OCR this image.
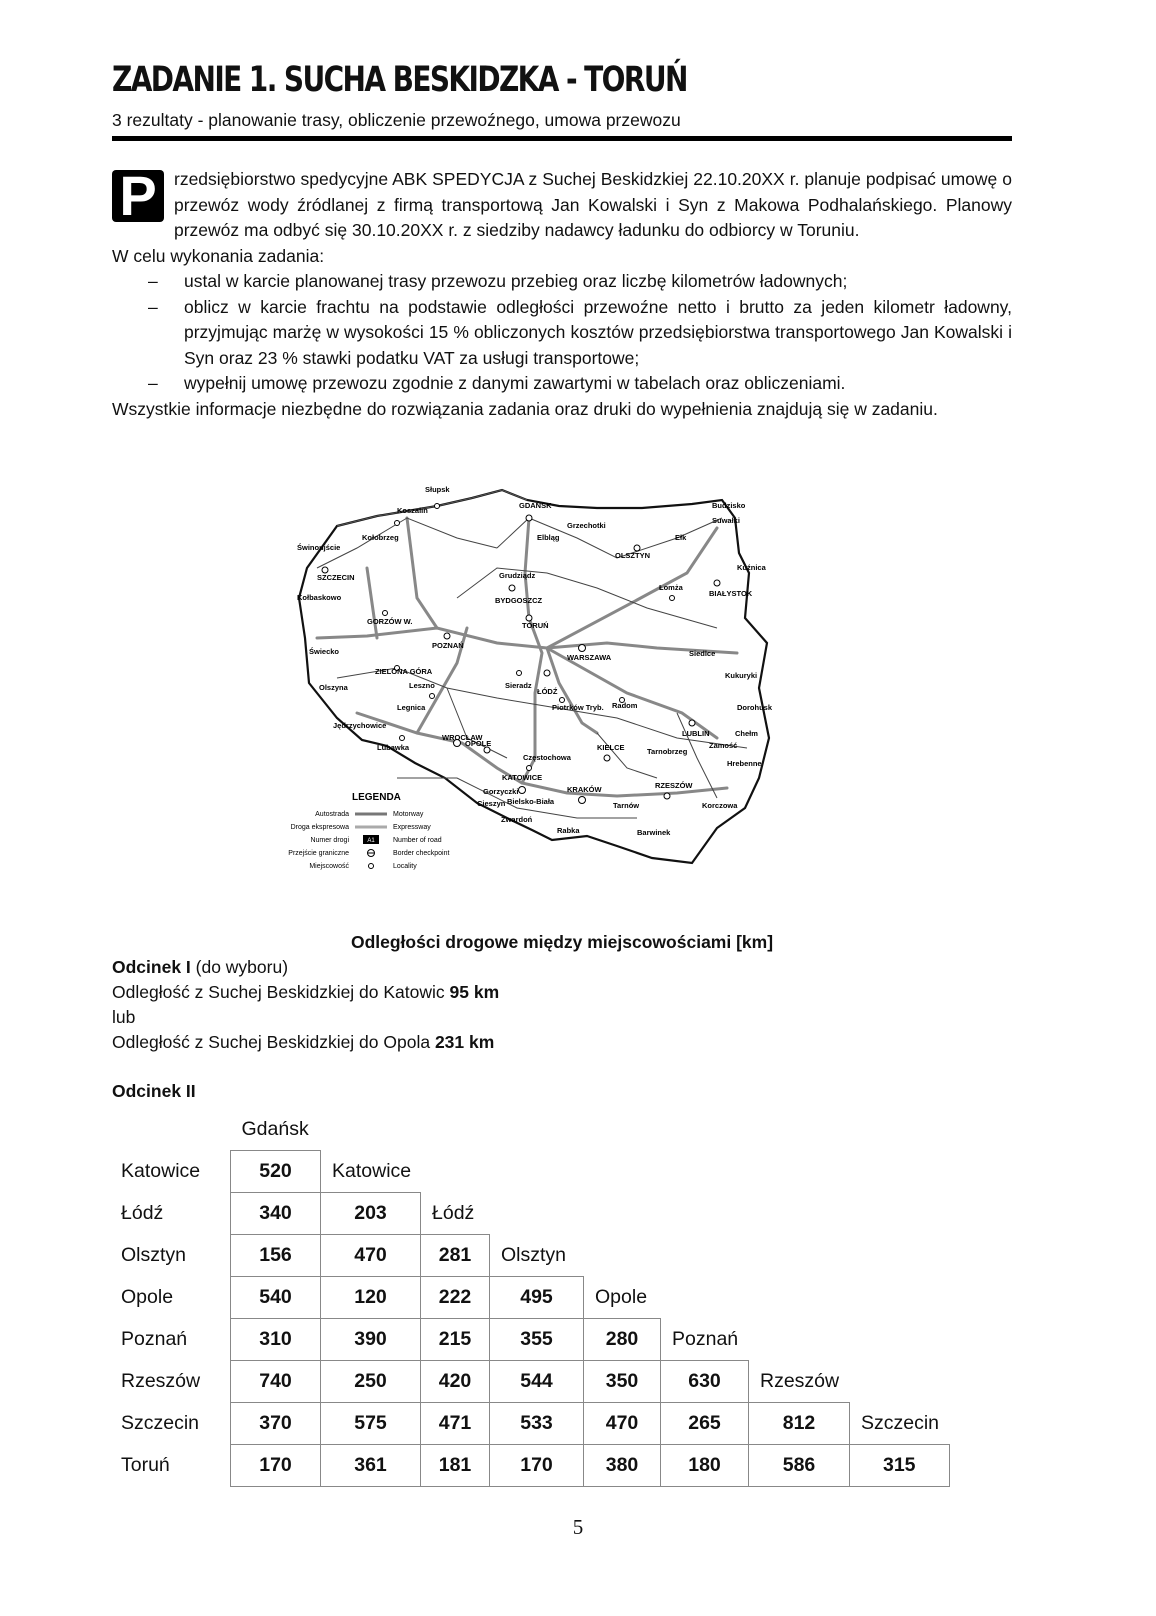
ZADANIE 1. SUCHA BESKIDZKA - TORUŃ
3 rezultaty - planowanie trasy, obliczenie przewoźnego, umowa przewozu
P rzedsiębiorstwo spedycyjne ABK SPEDYCJA z Suchej Beskidzkiej 22.10.20XX r. planuje podpisać umowę o przewóz wody źródlanej z firmą transportową Jan Kowalski i Syn z Makowa Podhalańskiego. Planowy przewóz ma odbyć się 30.10.20XX r. z siedziby nadawcy ładunku do odbiorcy w Toruniu.

W celu wykonania zadania:

– ustal w karcie planowanej trasy przewozu przebieg oraz liczbę kilometrów ładownych;
– oblicz w karcie frachtu na podstawie odległości przewoźne netto i brutto za jeden kilometr ładowny, przyjmując marżę w wysokości 15 % obliczonych kosztów przedsiębiorstwa transportowego Jan Kowalski i Syn oraz 23 % stawki podatku VAT za usługi transportowe;
– wypełnij umowę przewozu zgodnie z danymi zawartymi w tabelach oraz obliczeniami.

Wszystkie informacje niezbędne do rozwiązania zadania oraz druki do wypełnienia znajdują się w zadaniu.

GDAŃSK
Słupsk
Koszalin
Grzechotki
Elbląg
Świnoujście
Kołobrzeg
OLSZTYN
Ełk
Suwałki
Budzisko
SZCZECIN	Grudziądz
Kołbaskowo	BYDGOSZCZ
Łomża
BIAŁYSTOK
TORUŃ
Kuźnica
GORZÓW W.
POZNAŃ
WARSZAWA	Siedlce
Świecko
ZIELONA GÓRA
Leszno
Kukuryki
Olszyna	Sieradz
ŁÓDŹ
Piotrków Tryb. Radom
Jędrzychowice
Legnica	Dorohusk
WROCŁAW	LUBLIN	Chełm
Lubawka	OPOLE	KIELCE
Częstochowa
Zamość
Tarnobrzeg
Hrebenne
KATOWICE
RZESZÓW
Gorzyczki	KRAKÓW
Bielsko-Biała	Tarnów
Cieszyn	Korczowa
Zwardoń
Rabka	Barwinek
LEGENDA
Autostrada	Motorway
Droga ekspresowa	Expressway
Numer drogi	A1	Number of road
Przejście graniczne	Border checkpoint
Miejscowość	Locality
Odległości drogowe między miejscowościami [km]
Odcinek I (do wyboru)
Odległość z Suchej Beskidzkiej do Katowic 95 km
lub
Odległość z Suchej Beskidzkiej do Opola 231 km
Odcinek II
	Gdańsk							
Katowice	520	Katowice						
Łódź	340	203	Łódź					
Olsztyn	156	470	281	Olsztyn				
Opole	540	120	222	495	Opole			
Poznań	310	390	215	355	280	Poznań		
Rzeszów	740	250	420	544	350	630	Rzeszów	
Szczecin	370	575	471	533	470	265	812	Szczecin
Toruń	170	361	181	170	380	180	586	315
5
